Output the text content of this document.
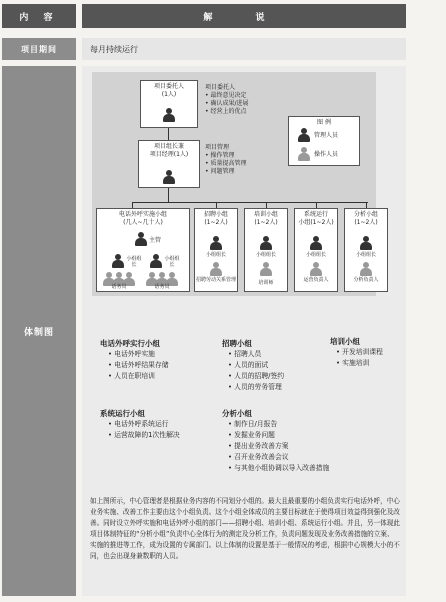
内 容	解 说
项目期间	每月持续运行
体制图
项目委托人
(1人)
项目委托人
• 最终意见决定
• 确认成果/进展
• 经营上的优点
项目组长兼
项目经理(1人)
项目管理
• 操作管理
• 质量提高管理
• 问题管理
图 例
管理人员
操作人员
电话外呼实施小组
(几人~几十人)
主管
小组组长
小组组长
话务员	话务员
招聘小组
(1~2人)
小组组长
招聘劳动关系管理
培训小组
(1~2人)
小组组长
培训师
系统运行
小组(1~2人)
小组组长
运营负责人
分析小组
(1~2人)
小组组长
分析负责人
电话外呼实行小组
• 电话外呼实施
• 电话外呼结果存储
• 人员在职培训
招聘小组
• 招聘人员
• 人员的面试
• 人员的招聘/签约
• 人员的劳务管理
培训小组
• 开发培训课程
• 实施培训
系统运行小组
• 电话外呼系统运行
• 运营故障的1次性解决
分析小组
• 制作日/月报告
• 发掘业务问题
• 提出业务改善方案
• 召开业务改善会议
• 与其他小组协调以导入改善措施
如上图所示，中心管理者是根据业务内容的不同划分小组的。最大且最重要的小组负责实行电话外呼，中心业务实施、改善工作主要由这个小组负责。这个小组全体成员的主要目标就在于使得项目效益得到强化及改善。同时设立外呼实施和电话外呼小组的部门——招聘小组、培训小组、系统运行小组。并且，另一体现此项目体制特征的“分析小组”负责中心全体行为的测定及分析工作，负责问题发现及业务改善措施的立案、实施的推进等工作，成为设置的专属部门。以上体制的设置是基于一般情况的考虑，根据中心规模大小的不同，也会出现身兼数职的人员。
